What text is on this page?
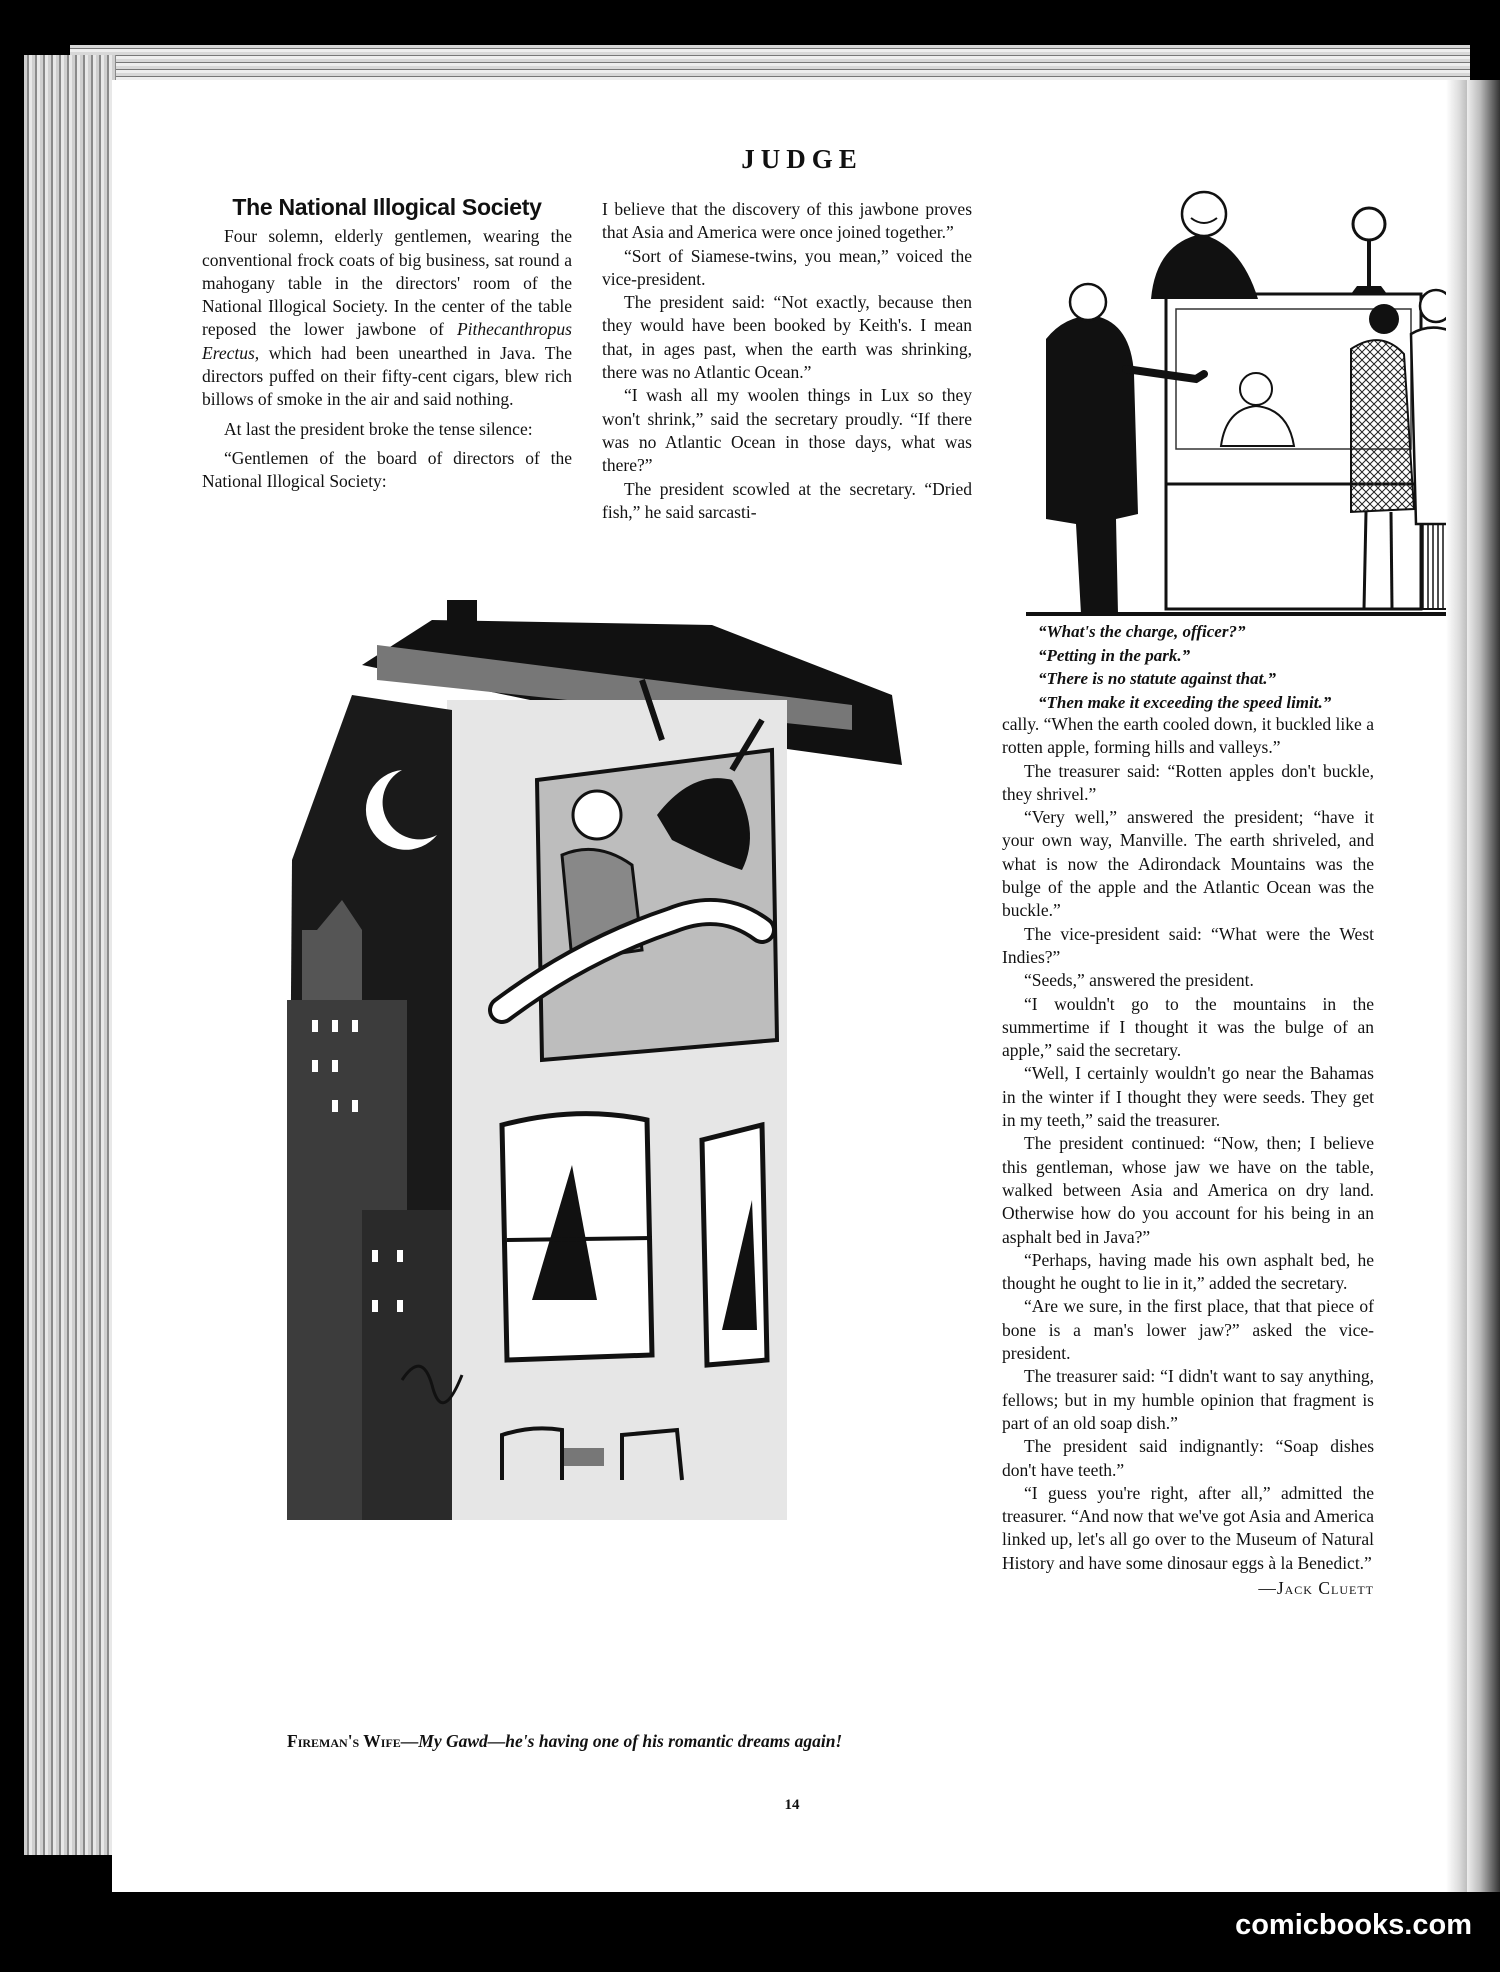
JUDGE
The National Illogical Society

Four solemn, elderly gentlemen, wearing the conventional frock coats of big business, sat round a mahogany table in the directors' room of the National Illogical Society. In the center of the table reposed the lower jawbone of Pithecanthropus Erectus, which had been unearthed in Java. The directors puffed on their fifty-cent cigars, blew rich billows of smoke in the air and said nothing.

At last the president broke the tense silence:

“Gentlemen of the board of directors of the National Illogical Society:

I believe that the discovery of this jawbone proves that Asia and America were once joined together.”

“Sort of Siamese-twins, you mean,” voiced the vice-president.

The president said: “Not exactly, because then they would have been booked by Keith's. I mean that, in ages past, when the earth was shrinking, there was no Atlantic Ocean.”

“I wash all my woolen things in Lux so they won't shrink,” said the secretary proudly. “If there was no Atlantic Ocean in those days, what was there?”

The president scowled at the secretary. “Dried fish,” he said sarcasti-

“What's the charge, officer?”

“Petting in the park.”

“There is no statute against that.”

“Then make it exceeding the speed limit.”

cally. “When the earth cooled down, it buckled like a rotten apple, forming hills and valleys.”

The treasurer said: “Rotten apples don't buckle, they shrivel.”

“Very well,” answered the president; “have it your own way, Manville. The earth shriveled, and what is now the Adirondack Mountains was the bulge of the apple and the Atlantic Ocean was the buckle.”

The vice-president said: “What were the West Indies?”

“Seeds,” answered the president.

“I wouldn't go to the mountains in the summertime if I thought it was the bulge of an apple,” said the secretary.

“Well, I certainly wouldn't go near the Bahamas in the winter if I thought they were seeds. They get in my teeth,” said the treasurer.

The president continued: “Now, then; I believe this gentleman, whose jaw we have on the table, walked between Asia and America on dry land. Otherwise how do you account for his being in an asphalt bed in Java?”

“Perhaps, having made his own asphalt bed, he thought he ought to lie in it,” added the secretary.

“Are we sure, in the first place, that that piece of bone is a man's lower jaw?” asked the vice-president.

The treasurer said: “I didn't want to say anything, fellows; but in my humble opinion that fragment is part of an old soap dish.”

The president said indignantly: “Soap dishes don't have teeth.”

“I guess you're right, after all,” admitted the treasurer. “And now that we've got Asia and America linked up, let's all go over to the Museum of Natural History and have some dinosaur eggs à la Benedict.”

—Jack Cluett
Fireman's Wife—My Gawd—he's having one of his romantic dreams again!
14
comicbooks.com
